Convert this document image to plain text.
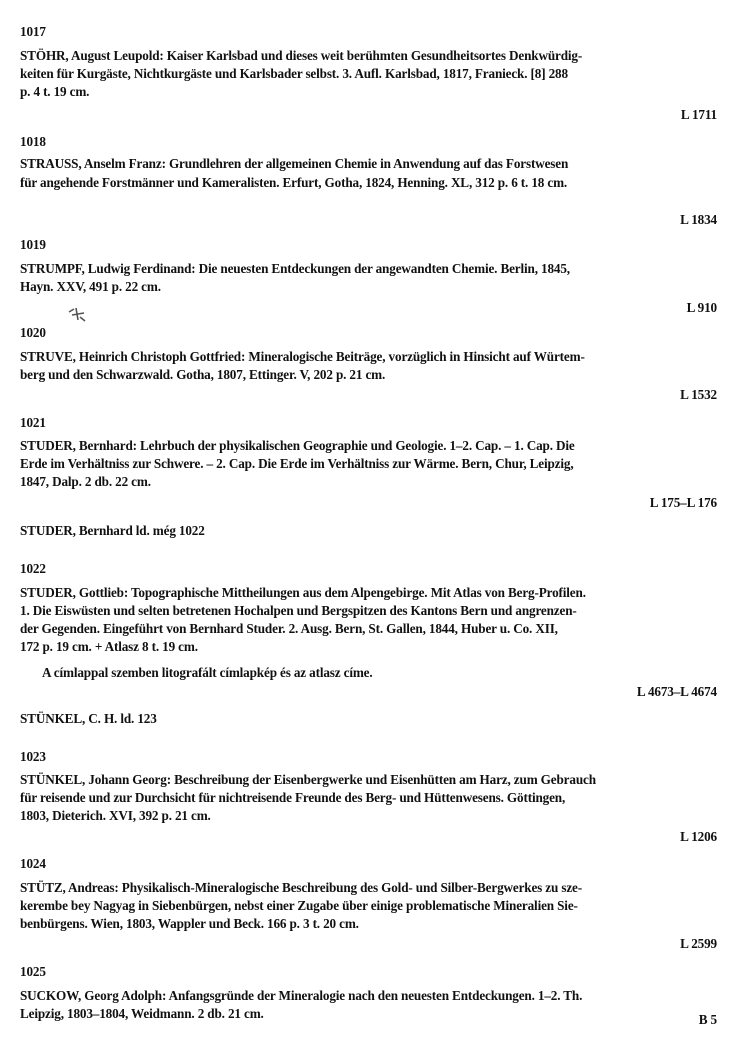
1017
STÖHR, August Leupold: Kaiser Karlsbad und dieses weit berühmten Gesundheitsortes Denkwürdig-
keiten für Kurgäste, Nichtkurgäste und Karlsbader selbst. 3. Aufl. Karlsbad, 1817, Franieck. [8] 288
p. 4 t. 19 cm.
L 1711
1018
STRAUSS, Anselm Franz: Grundlehren der allgemeinen Chemie in Anwendung auf das Forstwesen
für angehende Forstmänner und Kameralisten. Erfurt, Gotha, 1824, Henning. XL, 312 p. 6 t. 18 cm.
L 1834
1019
STRUMPF, Ludwig Ferdinand: Die neuesten Entdeckungen der angewandten Chemie. Berlin, 1845,
Hayn. XXV, 491 p. 22 cm.
L 910
1020
STRUVE, Heinrich Christoph Gottfried: Mineralogische Beiträge, vorzüglich in Hinsicht auf Würtem-
berg und den Schwarzwald. Gotha, 1807, Ettinger. V, 202 p. 21 cm.
L 1532
1021
STUDER, Bernhard: Lehrbuch der physikalischen Geographie und Geologie. 1–2. Cap. – 1. Cap. Die
Erde im Verhältniss zur Schwere. – 2. Cap. Die Erde im Verhältniss zur Wärme. Bern, Chur, Leipzig,
1847, Dalp. 2 db. 22 cm.
L 175–L 176
STUDER, Bernhard ld. még 1022
1022
STUDER, Gottlieb: Topographische Mittheilungen aus dem Alpengebirge. Mit Atlas von Berg-Profilen.
1. Die Eiswüsten und selten betretenen Hochalpen und Bergspitzen des Kantons Bern und angrenzen-
der Gegenden. Eingeführt von Bernhard Studer. 2. Ausg. Bern, St. Gallen, 1844, Huber u. Co. XII,
172 p. 19 cm. + Atlasz 8 t. 19 cm.
A címlappal szemben litografált címlapkép és az atlasz címe.
L 4673–L 4674
STÜNKEL, C. H. ld. 123
1023
STÜNKEL, Johann Georg: Beschreibung der Eisenbergwerke und Eisenhütten am Harz, zum Gebrauch
für reisende und zur Durchsicht für nichtreisende Freunde des Berg- und Hüttenwesens. Göttingen,
1803, Dieterich. XVI, 392 p. 21 cm.
L 1206
1024
STÜTZ, Andreas: Physikalisch-Mineralogische Beschreibung des Gold- und Silber-Bergwerkes zu sze-
kerembe bey Nagyag in Siebenbürgen, nebst einer Zugabe über einige problematische Mineralien Sie-
benbürgens. Wien, 1803, Wappler und Beck. 166 p. 3 t. 20 cm.
L 2599
1025
SUCKOW, Georg Adolph: Anfangsgründe der Mineralogie nach den neuesten Entdeckungen. 1–2. Th.
Leipzig, 1803–1804, Weidmann. 2 db. 21 cm.	B 5
